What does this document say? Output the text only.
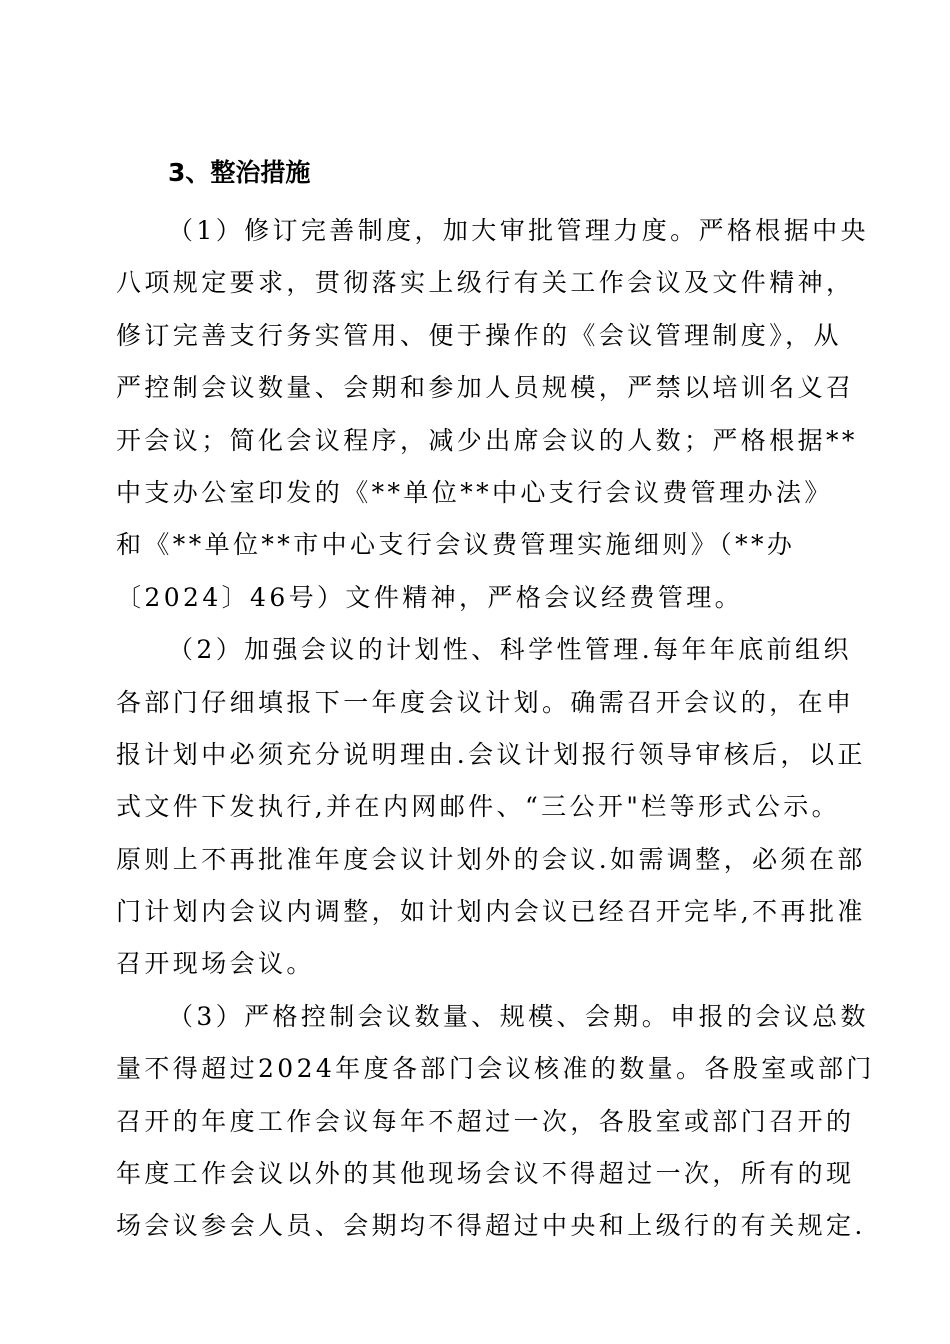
3、整治措施

（1）修订完善制度，加大审批管理力度。严格根据中央

八项规定要求，贯彻落实上级行有关工作会议及文件精神，

修订完善支行务实管用、便于操作的《会议管理制度》，从

严控制会议数量、会期和参加人员规模，严禁以培训名义召

开会议；简化会议程序，减少出席会议的人数；严格根据**

中支办公室印发的《**单位**中心支行会议费管理办法》

和《**单位**市中心支行会议费管理实施细则》（**办

〔2024〕46号）文件精神，严格会议经费管理。

（2）加强会议的计划性、科学性管理.每年年底前组织

各部门仔细填报下一年度会议计划。确需召开会议的，在申

报计划中必须充分说明理由.会议计划报行领导审核后，以正

式文件下发执行,并在内网邮件、“三公开"栏等形式公示。

原则上不再批准年度会议计划外的会议.如需调整，必须在部

门计划内会议内调整，如计划内会议已经召开完毕,不再批准

召开现场会议。

（3）严格控制会议数量、规模、会期。申报的会议总数

量不得超过2024年度各部门会议核准的数量。各股室或部门

召开的年度工作会议每年不超过一次，各股室或部门召开的

年度工作会议以外的其他现场会议不得超过一次，所有的现

场会议参会人员、会期均不得超过中央和上级行的有关规定.
